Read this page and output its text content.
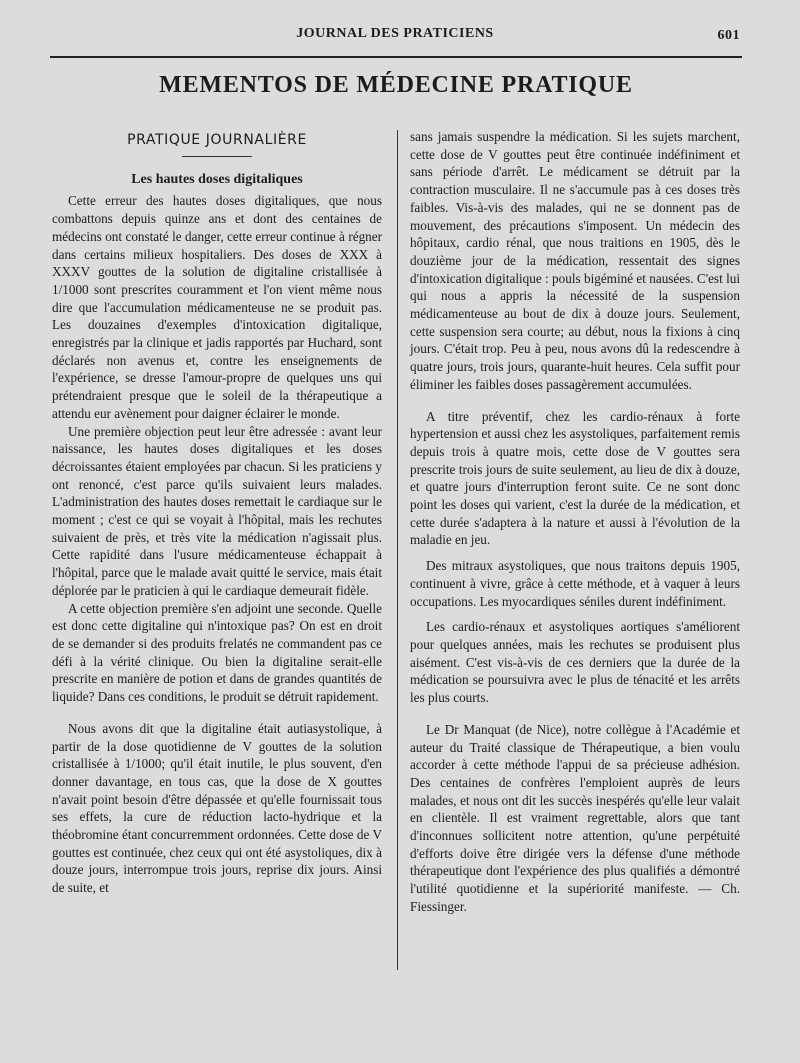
JOURNAL DES PRATICIENS	601
MEMENTOS DE MÉDECINE PRATIQUE
PRATIQUE JOURNALIÈRE
Les hautes doses digitaliques

Cette erreur des hautes doses digitaliques, que nous combattons depuis quinze ans et dont des centaines de médecins ont constaté le danger, cette erreur continue à régner dans certains milieux hospitaliers. Des doses de XXX à XXXV gouttes de la solution de digitaline cristallisée à 1/1000 sont prescrites couramment et l'on vient même nous dire que l'accumulation médicamenteuse ne se produit pas. Les douzaines d'exemples d'intoxication digitalique, enregistrés par la clinique et jadis rapportés par Huchard, sont déclarés non avenus et, contre les enseignements de l'expérience, se dresse l'amour-propre de quelques uns qui prétendraient presque que le soleil de la thérapeutique a attendu eur avènement pour daigner éclairer le monde.

Une première objection peut leur être adressée : avant leur naissance, les hautes doses digitaliques et les doses décroissantes étaient employées par chacun. Si les praticiens y ont renoncé, c'est parce qu'ils suivaient leurs malades. L'administration des hautes doses remettait le cardiaque sur le moment ; c'est ce qui se voyait à l'hôpital, mais les rechutes suivaient de près, et très vite la médication n'agissait plus. Cette rapidité dans l'usure médicamenteuse échappait à l'hôpital, parce que le malade avait quitté le service, mais était déplorée par le praticien à qui le cardiaque demeurait fidèle.

A cette objection première s'en adjoint une seconde. Quelle est donc cette digitaline qui n'intoxique pas? On est en droit de se demander si des produits frelatés ne commandent pas ce défi à la vérité clinique. Ou bien la digitaline serait-elle prescrite en manière de potion et dans de grandes quantités de liquide? Dans ces conditions, le produit se détruit rapidement.

Nous avons dit que la digitaline était autiasystolique, à partir de la dose quotidienne de V gouttes de la solution cristallisée à 1/1000; qu'il était inutile, le plus souvent, d'en donner davantage, en tous cas, que la dose de X gouttes n'avait point besoin d'être dépassée et qu'elle fournissait tous ses effets, la cure de réduction lacto-hydrique et la théobromine étant concurremment ordonnées. Cette dose de V gouttes est continuée, chez ceux qui ont été asystoliques, dix à douze jours, interrompue trois jours, reprise dix jours. Ainsi de suite, et

sans jamais suspendre la médication. Si les sujets marchent, cette dose de V gouttes peut être continuée indéfiniment et sans période d'arrêt. Le médicament se détruit par la contraction musculaire. Il ne s'accumule pas à ces doses très faibles. Vis-à-vis des malades, qui ne se donnent pas de mouvement, des précautions s'imposent. Un médecin des hôpitaux, cardio rénal, que nous traitions en 1905, dès le douzième jour de la médication, ressentait des signes d'intoxication digitalique : pouls bigéminé et nausées. C'est lui qui nous a appris la nécessité de la suspension médicamenteuse au bout de dix à douze jours. Seulement, cette suspension sera courte; au début, nous la fixions à cinq jours. C'était trop. Peu à peu, nous avons dû la redescendre à quatre jours, trois jours, quarante-huit heures. Cela suffit pour éliminer les faibles doses passagèrement accumulées.

A titre préventif, chez les cardio-rénaux à forte hypertension et aussi chez les asystoliques, parfaitement remis depuis trois à quatre mois, cette dose de V gouttes sera prescrite trois jours de suite seulement, au lieu de dix à douze, et quatre jours d'interruption feront suite. Ce ne sont donc point les doses qui varient, c'est la durée de la médication, et cette durée s'adaptera à la nature et aussi à l'évolution de la maladie en jeu.

Des mitraux asystoliques, que nous traitons depuis 1905, continuent à vivre, grâce à cette méthode, et à vaquer à leurs occupations. Les myocardiques séniles durent indéfiniment.

Les cardio-rénaux et asystoliques aortiques s'améliorent pour quelques années, mais les rechutes se produisent plus aisément. C'est vis-à-vis de ces derniers que la durée de la médication se poursuivra avec le plus de ténacité et les arrêts les plus courts.

Le Dr Manquat (de Nice), notre collègue à l'Académie et auteur du Traité classique de Thérapeutique, a bien voulu accorder à cette méthode l'appui de sa précieuse adhésion. Des centaines de confrères l'emploient auprès de leurs malades, et nous ont dit les succès inespérés qu'elle leur valait en clientèle. Il est vraiment regrettable, alors que tant d'inconnues sollicitent notre attention, qu'une perpétuité d'efforts doive être dirigée vers la défense d'une méthode thérapeutique dont l'expérience des plus qualifiés a démontré l'utilité quotidienne et la supériorité manifeste. — Ch. Fiessinger.
